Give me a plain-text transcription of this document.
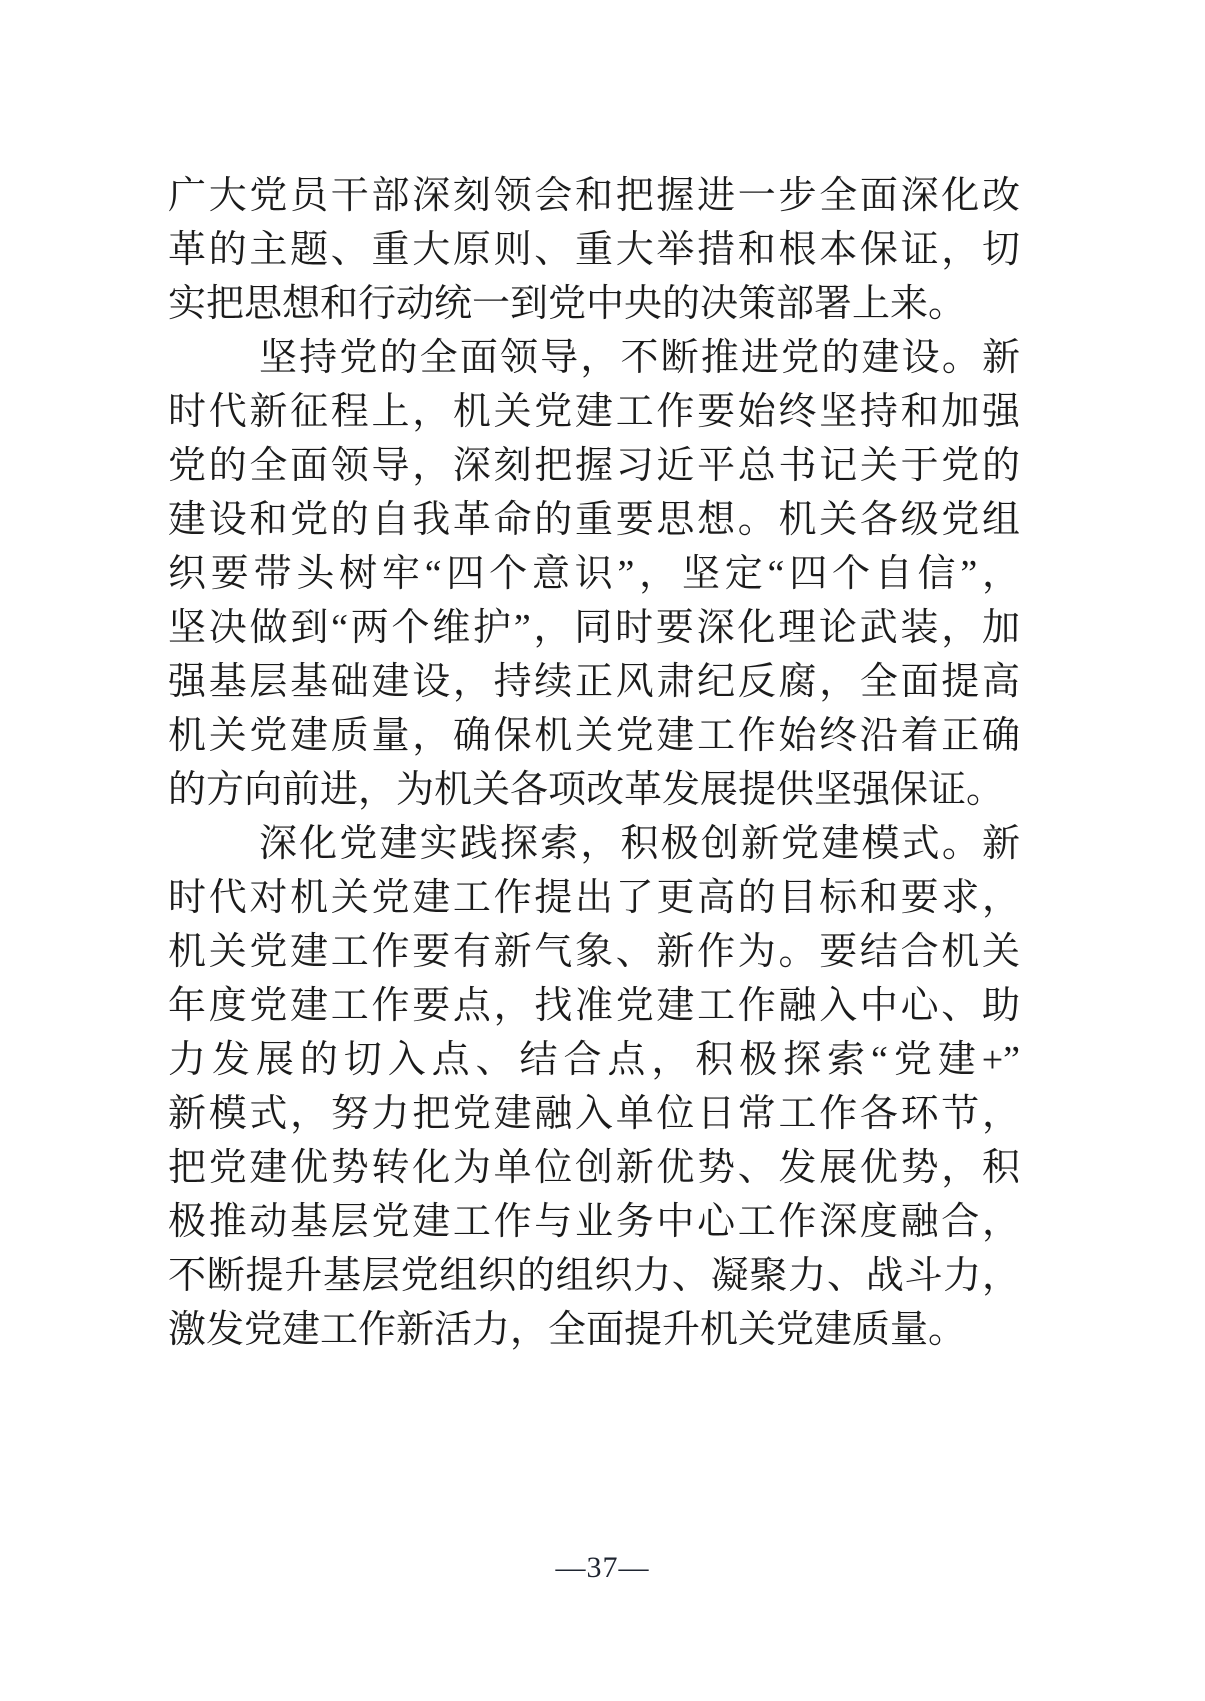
广大党员干部深刻领会和把握进一步全面深化改
革的主题、重大原则、重大举措和根本保证，切
实把思想和行动统一到党中央的决策部署上来。
坚持党的全面领导，不断推进党的建设。新
时代新征程上，机关党建工作要始终坚持和加强
党的全面领导，深刻把握习近平总书记关于党的
建设和党的自我革命的重要思想。机关各级党组
织要带头树牢“四个意识”，坚定“四个自信”，
坚决做到“两个维护”，同时要深化理论武装，加
强基层基础建设，持续正风肃纪反腐，全面提高
机关党建质量，确保机关党建工作始终沿着正确
的方向前进，为机关各项改革发展提供坚强保证。
深化党建实践探索，积极创新党建模式。新
时代对机关党建工作提出了更高的目标和要求，
机关党建工作要有新气象、新作为。要结合机关
年度党建工作要点，找准党建工作融入中心、助
力发展的切入点、结合点，积极探索“党建+”
新模式，努力把党建融入单位日常工作各环节，
把党建优势转化为单位创新优势、发展优势，积
极推动基层党建工作与业务中心工作深度融合，
不断提升基层党组织的组织力、凝聚力、战斗力，
激发党建工作新活力，全面提升机关党建质量。
—37—
